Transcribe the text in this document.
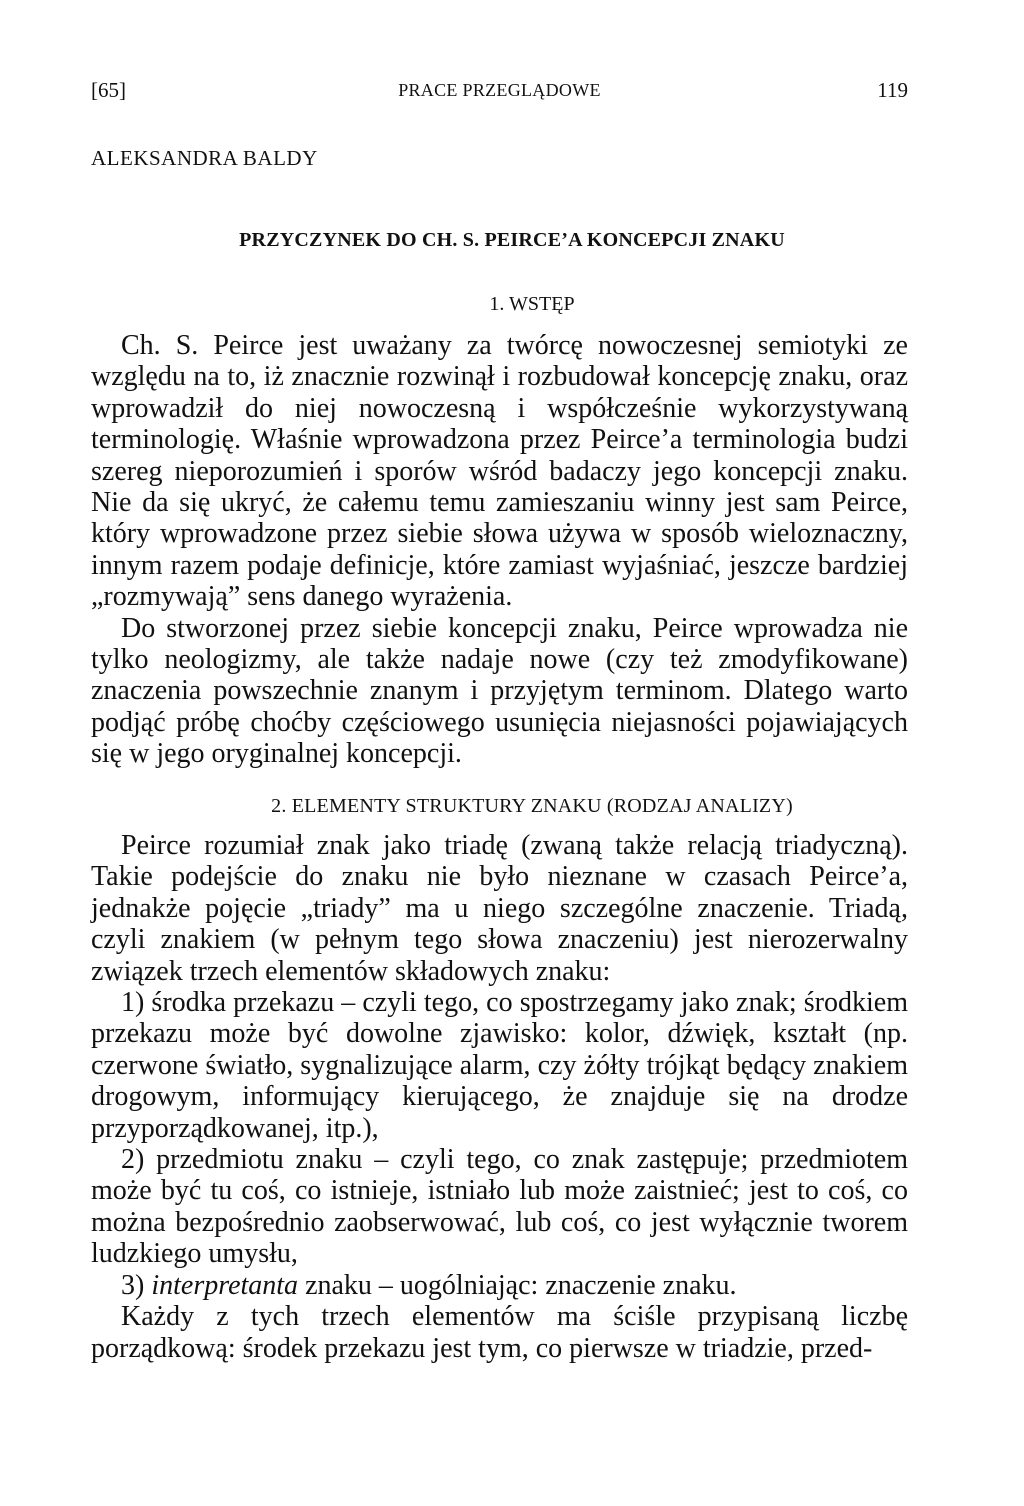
[65]	PRACE PRZEGLĄDOWE	119
ALEKSANDRA BALDY
PRZYCZYNEK DO CH. S. PEIRCE’A KONCEPCJI ZNAKU
1. WSTĘP

Ch. S. Peirce jest uważany za twórcę nowoczesnej semiotyki ze względu na to, iż znacznie rozwinął i rozbudował koncepcję znaku, oraz wprowadził do niej nowoczesną i współcześnie wykorzystywaną terminologię. Właśnie wprowadzona przez Peirce’a terminologia budzi szereg nieporozumień i sporów wśród badaczy jego koncepcji znaku. Nie da się ukryć, że całemu temu zamieszaniu winny jest sam Peirce, który wprowadzone przez siebie słowa używa w sposób wieloznaczny, innym razem podaje definicje, które zamiast wyjaśniać, jeszcze bardziej „rozmywają” sens danego wyrażenia.

Do stworzonej przez siebie koncepcji znaku, Peirce wprowadza nie tylko neologizmy, ale także nadaje nowe (czy też zmodyfikowane) znaczenia powszechnie znanym i przyjętym terminom. Dlatego warto podjąć próbę choćby częściowego usunięcia niejasności pojawiających się w jego oryginalnej koncepcji.

2. ELEMENTY STRUKTURY ZNAKU (RODZAJ ANALIZY)

Peirce rozumiał znak jako triadę (zwaną także relacją triadyczną). Takie podejście do znaku nie było nieznane w czasach Peirce’a, jednakże pojęcie „triady” ma u niego szczególne znaczenie. Triadą, czyli znakiem (w pełnym tego słowa znaczeniu) jest nierozerwalny związek trzech elementów składowych znaku:

1) środka przekazu – czyli tego, co spostrzegamy jako znak; środkiem przekazu może być dowolne zjawisko: kolor, dźwięk, kształt (np. czerwone światło, sygnalizujące alarm, czy żółty trójkąt będący znakiem drogowym, informujący kierującego, że znajduje się na drodze przyporządkowanej, itp.),

2) przedmiotu znaku – czyli tego, co znak zastępuje; przedmiotem może być tu coś, co istnieje, istniało lub może zaistnieć; jest to coś, co można bezpośrednio zaobserwować, lub coś, co jest wyłącznie tworem ludzkiego umysłu,

3) interpretanta znaku – uogólniając: znaczenie znaku.

Każdy z tych trzech elementów ma ściśle przypisaną liczbę porządkową: środek przekazu jest tym, co pierwsze w triadzie, przed-
